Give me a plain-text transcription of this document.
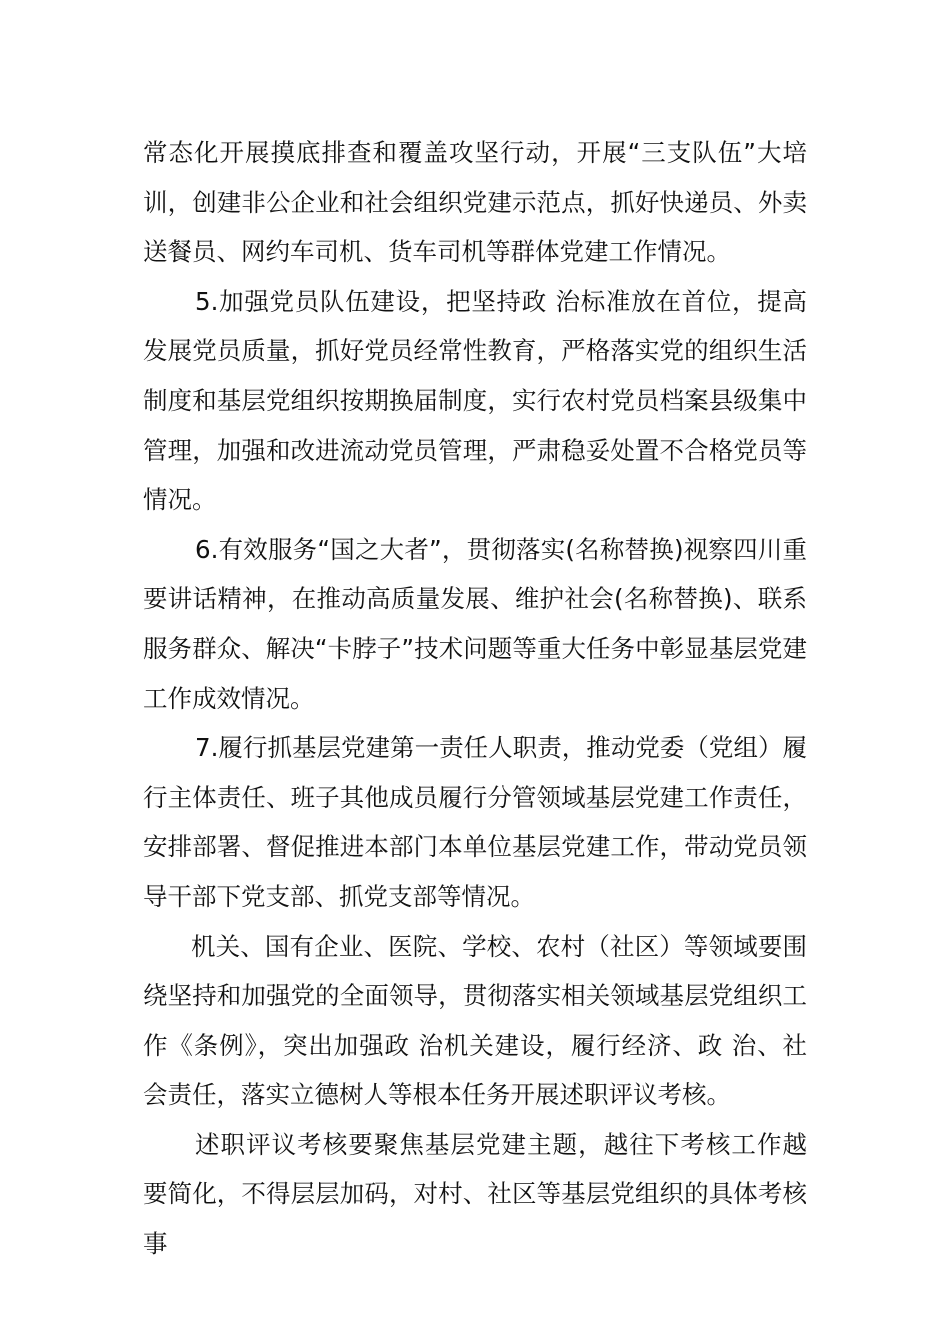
常态化开展摸底排查和覆盖攻坚行动，开展“三支队伍”大培训，创建非公企业和社会组织党建示范点，抓好快递员、外卖送餐员、网约车司机、货车司机等群体党建工作情况。

5.加强党员队伍建设，把坚持政 治标准放在首位，提高发展党员质量，抓好党员经常性教育，严格落实党的组织生活制度和基层党组织按期换届制度，实行农村党员档案县级集中管理，加强和改进流动党员管理，严肃稳妥处置不合格党员等情况。

6.有效服务“国之大者”，贯彻落实(名称替换)视察四川重要讲话精神，在推动高质量发展、维护社会(名称替换)、联系服务群众、解决“卡脖子”技术问题等重大任务中彰显基层党建工作成效情况。

7.履行抓基层党建第一责任人职责，推动党委（党组）履行主体责任、班子其他成员履行分管领域基层党建工作责任，安排部署、督促推进本部门本单位基层党建工作，带动党员领导干部下党支部、抓党支部等情况。

机关、国有企业、医院、学校、农村（社区）等领域要围绕坚持和加强党的全面领导，贯彻落实相关领域基层党组织工作《条例》，突出加强政 治机关建设，履行经济、政 治、社会责任，落实立德树人等根本任务开展述职评议考核。

述职评议考核要聚焦基层党建主题，越往下考核工作越要简化，不得层层加码，对村、社区等基层党组织的具体考核事
